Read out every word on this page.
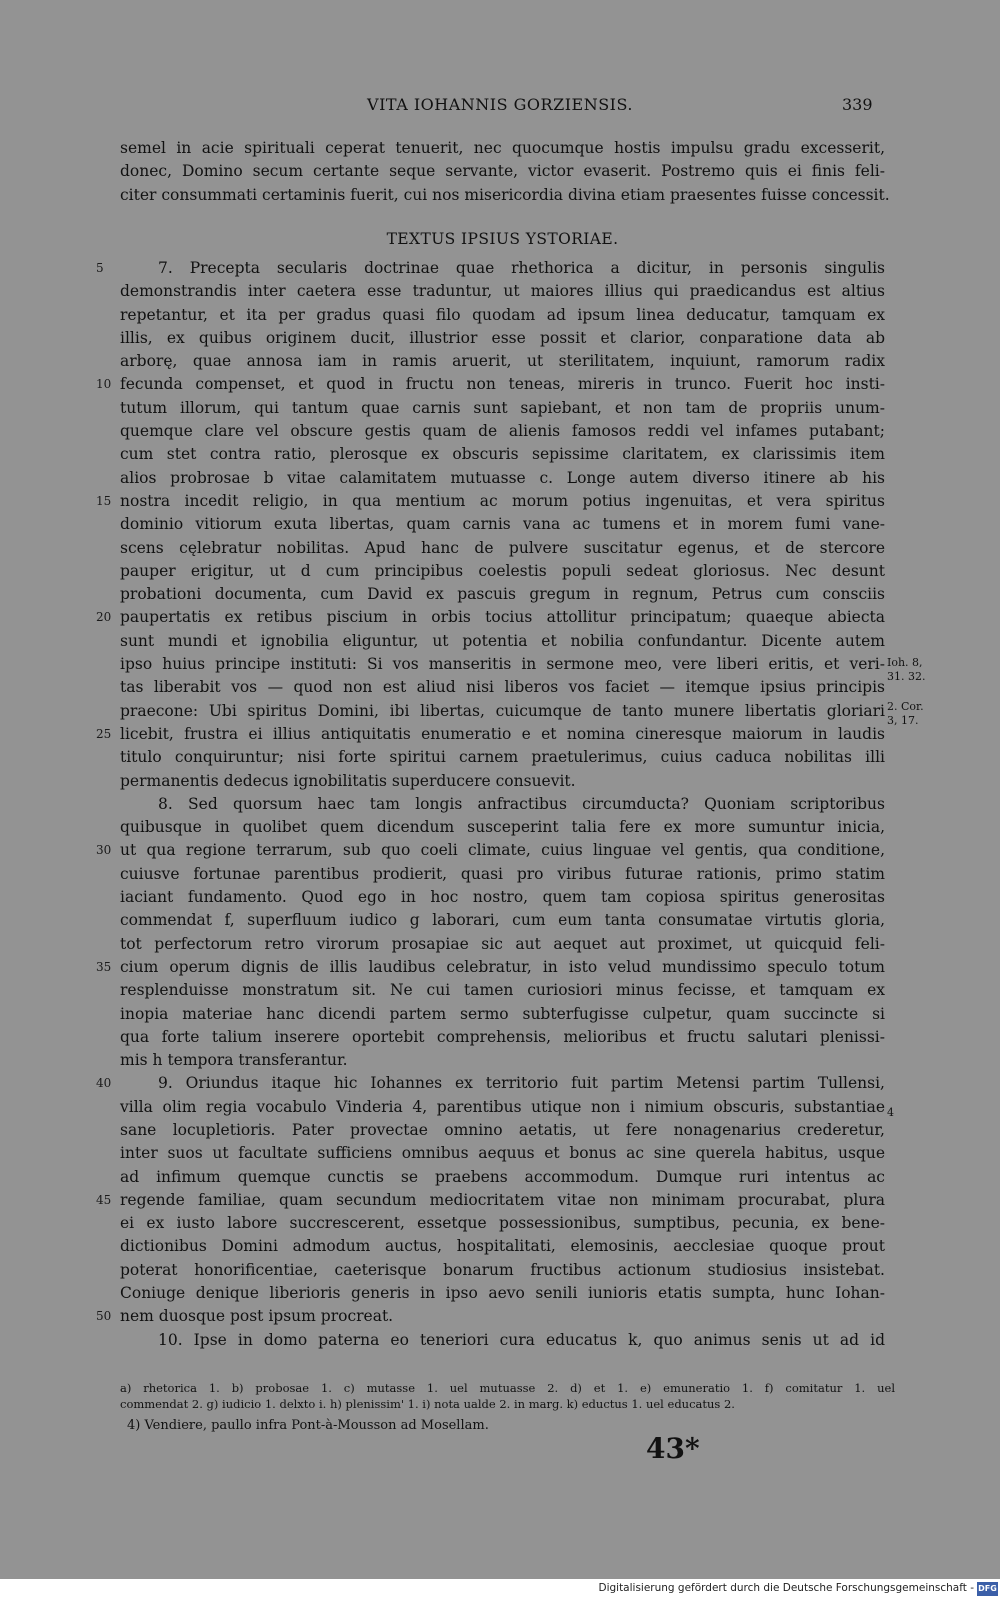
VITA IOHANNIS GORZIENSIS.	339
semel in acie spirituali ceperat tenuerit, nec quocumque hostis impulsu gradu excesserit,
donec, Domino secum certante seque servante, victor evaserit. Postremo quis ei finis feli-
citer consummati certaminis fuerit, cui nos misericordia divina etiam praesentes fuisse concessit.
TEXTUS IPSIUS YSTORIAE.
7. Precepta secularis doctrinae quae rhethorica a dicitur, in personis singulis
demonstrandis inter caetera esse traduntur, ut maiores illius qui praedicandus est altius
repetantur, et ita per gradus quasi filo quodam ad ipsum linea deducatur, tamquam ex
illis, ex quibus originem ducit, illustrior esse possit et clarior, conparatione data ab
arborę, quae annosa iam in ramis aruerit, ut sterilitatem, inquiunt, ramorum radix
fecunda compenset, et quod in fructu non teneas, mireris in trunco. Fuerit hoc insti-
tutum illorum, qui tantum quae carnis sunt sapiebant, et non tam de propriis unum-
quemque clare vel obscure gestis quam de alienis famosos reddi vel infames putabant;
cum stet contra ratio, plerosque ex obscuris sepissime claritatem, ex clarissimis item
alios probrosae b vitae calamitatem mutuasse c. Longe autem diverso itinere ab his
nostra incedit religio, in qua mentium ac morum potius ingenuitas, et vera spiritus
dominio vitiorum exuta libertas, quam carnis vana ac tumens et in morem fumi vane-
scens cęlebratur nobilitas. Apud hanc de pulvere suscitatur egenus, et de stercore
pauper erigitur, ut d cum principibus coelestis populi sedeat gloriosus. Nec desunt
probationi documenta, cum David ex pascuis gregum in regnum, Petrus cum consciis
paupertatis ex retibus piscium in orbis tocius attollitur principatum; quaeque abiecta
sunt mundi et ignobilia eliguntur, ut potentia et nobilia confundantur. Dicente autem
ipso huius principe instituti: Si vos manseritis in sermone meo, vere liberi eritis, et veri-
tas liberabit vos — quod non est aliud nisi liberos vos faciet — itemque ipsius principis
praecone: Ubi spiritus Domini, ibi libertas, cuicumque de tanto munere libertatis gloriari
licebit, frustra ei illius antiquitatis enumeratio e et nomina cineresque maiorum in laudis
titulo conquiruntur; nisi forte spiritui carnem praetulerimus, cuius caduca nobilitas illi
permanentis dedecus ignobilitatis superducere consuevit.
8. Sed quorsum haec tam longis anfractibus circumducta? Quoniam scriptoribus
quibusque in quolibet quem dicendum susceperint talia fere ex more sumuntur inicia,
ut qua regione terrarum, sub quo coeli climate, cuius linguae vel gentis, qua conditione,
cuiusve fortunae parentibus prodierit, quasi pro viribus futurae rationis, primo statim
iaciant fundamento. Quod ego in hoc nostro, quem tam copiosa spiritus generositas
commendat f, superfluum iudico g laborari, cum eum tanta consumatae virtutis gloria,
tot perfectorum retro virorum prosapiae sic aut aequet aut proximet, ut quicquid feli-
cium operum dignis de illis laudibus celebratur, in isto velud mundissimo speculo totum
resplenduisse monstratum sit. Ne cui tamen curiosiori minus fecisse, et tamquam ex
inopia materiae hanc dicendi partem sermo subterfugisse culpetur, quam succincte si
qua forte talium inserere oportebit comprehensis, melioribus et fructu salutari plenissi-
mis h tempora transferantur.
9. Oriundus itaque hic Iohannes ex territorio fuit partim Metensi partim Tullensi,
villa olim regia vocabulo Vinderia 4, parentibus utique non i nimium obscuris, substantiae
sane locupletioris. Pater provectae omnino aetatis, ut fere nonagenarius crederetur,
inter suos ut facultate sufficiens omnibus aequus et bonus ac sine querela habitus, usque
ad infimum quemque cunctis se praebens accommodum. Dumque ruri intentus ac
regende familiae, quam secundum mediocritatem vitae non minimam procurabat, plura
ei ex iusto labore succrescerent, essetque possessionibus, sumptibus, pecunia, ex bene-
dictionibus Domini admodum auctus, hospitalitati, elemosinis, aecclesiae quoque prout
poterat honorificentiae, caeterisque bonarum fructibus actionum studiosius insistebat.
Coniuge denique liberioris generis in ipso aevo senili iunioris etatis sumpta, hunc Iohan-
nem duosque post ipsum procreat.
10. Ipse in domo paterna eo teneriori cura educatus k, quo animus senis ut ad id
5
10
15
20
25
30
35
40
45
50
Ioh. 8,
31. 32.
2. Cor.
3, 17.
4
a) rhetorica 1. b) probosae 1. c) mutasse 1. uel mutuasse 2. d) et 1. e) emuneratio 1. f) comitatur 1. uel
commendat 2. g) iudicio 1. delxto i. h) plenissim' 1. i) nota ualde 2. in marg. k) eductus 1. uel educatus 2.
4) Vendiere, paullo infra Pont-à-Mousson ad Mosellam.
43*
Digitalisierung gefördert durch die Deutsche Forschungsgemeinschaft - DFG
